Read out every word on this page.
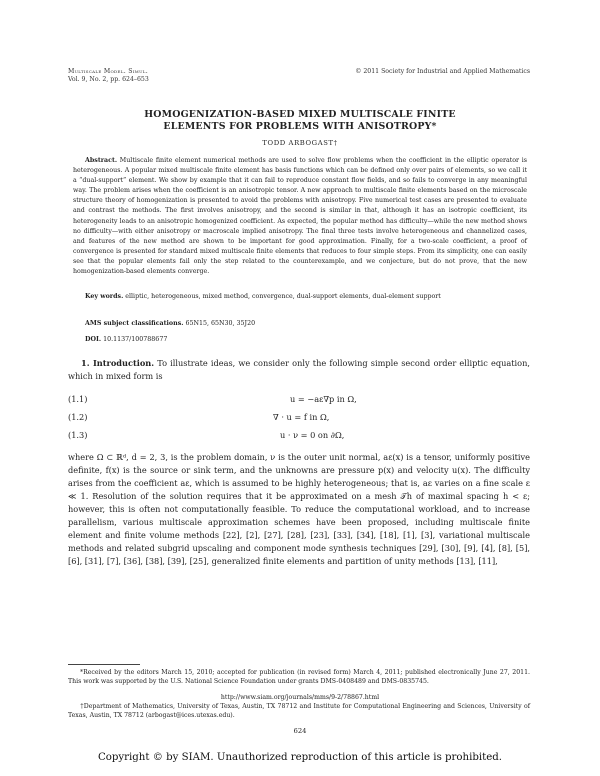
Multiscale Model. Simul.
Vol. 9, No. 2, pp. 624–653
© 2011 Society for Industrial and Applied Mathematics
HOMOGENIZATION-BASED MIXED MULTISCALE FINITE
ELEMENTS FOR PROBLEMS WITH ANISOTROPY*
TODD ARBOGAST†
Abstract. Multiscale finite element numerical methods are used to solve flow problems when the coefficient in the elliptic operator is heterogeneous. A popular mixed multiscale finite element has basis functions which can be defined only over pairs of elements, so we call it a “dual-support” element. We show by example that it can fail to reproduce constant flow fields, and so fails to converge in any meaningful way. The problem arises when the coefficient is an anisotropic tensor. A new approach to multiscale finite elements based on the microscale structure theory of homogenization is presented to avoid the problems with anisotropy. Five numerical test cases are presented to evaluate and contrast the methods. The first involves anisotropy, and the second is similar in that, although it has an isotropic coefficient, its heterogeneity leads to an anisotropic homogenized coefficient. As expected, the popular method has difficulty—while the new method shows no difficulty—with either anisotropy or macroscale implied anisotropy. The final three tests involve heterogeneous and channelized cases, and features of the new method are shown to be important for good approximation. Finally, for a two-scale coefficient, a proof of convergence is presented for standard mixed multiscale finite elements that reduces to four simple steps. From its simplicity, one can easily see that the popular elements fail only the step related to the counterexample, and we conjecture, but do not prove, that the new homogenization-based elements converge.
Key words. elliptic, heterogeneous, mixed method, convergence, dual-support elements, dual-element support
AMS subject classifications. 65N15, 65N30, 35J20
DOI. 10.1137/100788677
1. Introduction. To illustrate ideas, we consider only the following simple second order elliptic equation, which in mixed form is
(1.1)	u = −aε∇p in Ω,
(1.2)	∇ · u = f in Ω,
(1.3)	u · ν = 0 on ∂Ω,
where Ω ⊂ ℝᵈ, d = 2, 3, is the problem domain, ν is the outer unit normal, aε(x) is a tensor, uniformly positive definite, f(x) is the source or sink term, and the unknowns are pressure p(x) and velocity u(x). The difficulty arises from the coefficient aε, which is assumed to be highly heterogeneous; that is, aε varies on a fine scale ε ≪ 1. Resolution of the solution requires that it be approximated on a mesh 𝒯h of maximal spacing h < ε; however, this is often not computationally feasible. To reduce the computational workload, and to increase parallelism, various multiscale approximation schemes have been proposed, including multiscale finite element and finite volume methods [22], [2], [27], [28], [23], [33], [34], [18], [1], [3], variational multiscale methods and related subgrid upscaling and component mode synthesis techniques [29], [30], [9], [4], [8], [5], [6], [31], [7], [36], [38], [39], [25], generalized finite elements and partition of unity methods [13], [11],
*Received by the editors March 15, 2010; accepted for publication (in revised form) March 4, 2011; published electronically June 27, 2011. This work was supported by the U.S. National Science Foundation under grants DMS-0408489 and DMS-0835745.
http://www.siam.org/journals/mms/9-2/78867.html
†Department of Mathematics, University of Texas, Austin, TX 78712 and Institute for Computational Engineering and Sciences, University of Texas, Austin, TX 78712 (arbogast@ices.utexas.edu).
624
Copyright © by SIAM. Unauthorized reproduction of this article is prohibited.
